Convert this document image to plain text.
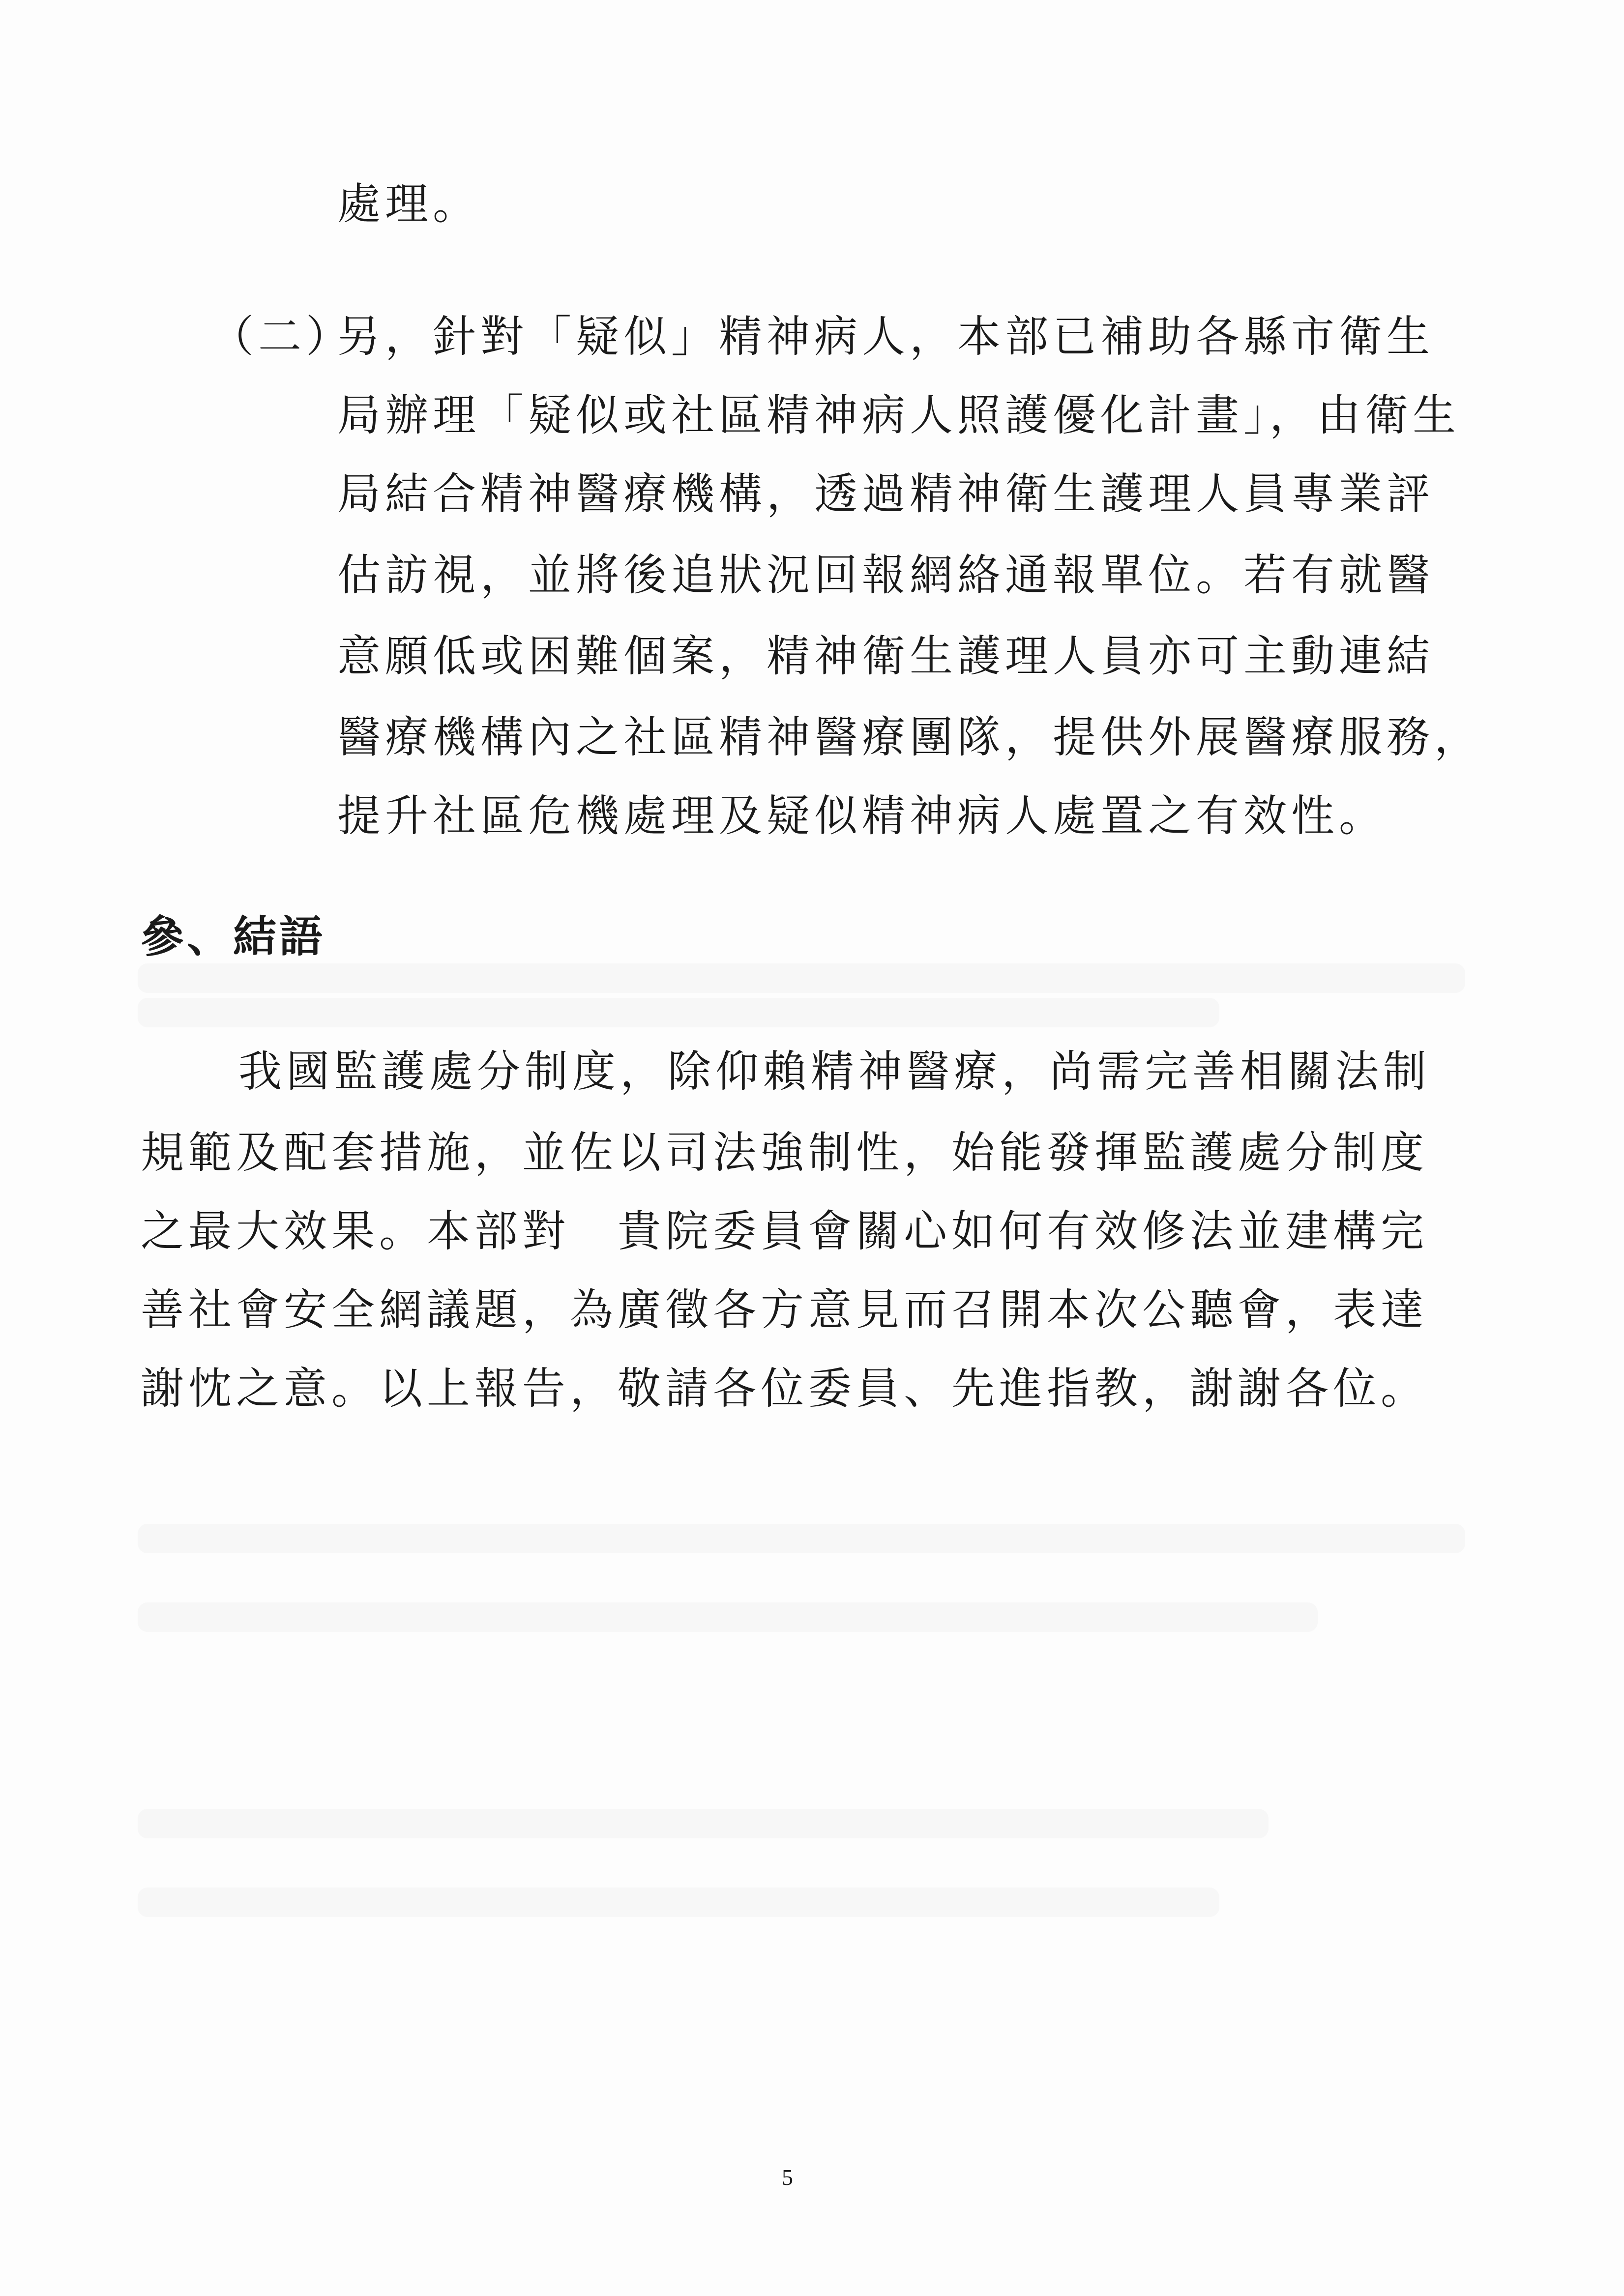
處理。
（二）
另，針對「疑似」精神病人，本部已補助各縣市衛生
局辦理「疑似或社區精神病人照護優化計畫」，由衛生
局結合精神醫療機構，透過精神衛生護理人員專業評
估訪視，並將後追狀況回報網絡通報單位。若有就醫
意願低或困難個案，精神衛生護理人員亦可主動連結
醫療機構內之社區精神醫療團隊，提供外展醫療服務，
提升社區危機處理及疑似精神病人處置之有效性。
參、結語
我國監護處分制度，除仰賴精神醫療，尚需完善相關法制
規範及配套措施，並佐以司法強制性，始能發揮監護處分制度
之最大效果。本部對　貴院委員會關心如何有效修法並建構完
善社會安全網議題，為廣徵各方意見而召開本次公聽會，表達
謝忱之意。以上報告，敬請各位委員、先進指教，謝謝各位。
5
